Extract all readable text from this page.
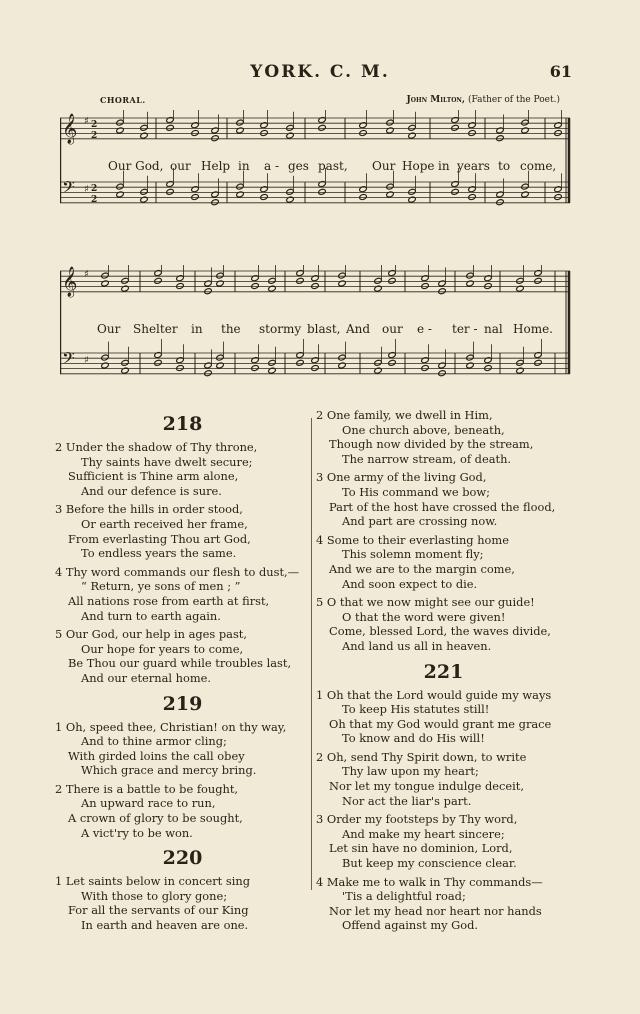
YORK. C. M.	61
CHORAL.	John Milton, (Father of the Poet.)
𝄞 ♯ 2
2
𝄢 ♯ 2
2
Our God, our Help in a - ges past, Our Hope in years to come,
𝄞 ♯
𝄢 ♯
Our Shelter in the stormy blast, And our e - ter - nal Home.
218
2 Under the shadow of Thy throne,
Thy saints have dwelt secure;
Sufficient is Thine arm alone,
And our defence is sure.
3 Before the hills in order stood,
Or earth received her frame,
From everlasting Thou art God,
To endless years the same.
4 Thy word commands our flesh to dust,—
“ Return, ye sons of men ; ”
All nations rose from earth at first,
And turn to earth again.
5 Our God, our help in ages past,
Our hope for years to come,
Be Thou our guard while troubles last,
And our eternal home.
219
1 Oh, speed thee, Christian! on thy way,
And to thine armor cling;
With girded loins the call obey
Which grace and mercy bring.
2 There is a battle to be fought,
An upward race to run,
A crown of glory to be sought,
A vict'ry to be won.
220
1 Let saints below in concert sing
With those to glory gone;
For all the servants of our King
In earth and heaven are one.
2 One family, we dwell in Him,
One church above, beneath,
Though now divided by the stream,
The narrow stream, of death.
3 One army of the living God,
To His command we bow;
Part of the host have crossed the flood,
And part are crossing now.
4 Some to their everlasting home
This solemn moment fly;
And we are to the margin come,
And soon expect to die.
5 O that we now might see our guide!
O that the word were given!
Come, blessed Lord, the waves divide,
And land us all in heaven.
221
1 Oh that the Lord would guide my ways
To keep His statutes still!
Oh that my God would grant me grace
To know and do His will!
2 Oh, send Thy Spirit down, to write
Thy law upon my heart;
Nor let my tongue indulge deceit,
Nor act the liar's part.
3 Order my footsteps by Thy word,
And make my heart sincere;
Let sin have no dominion, Lord,
But keep my conscience clear.
4 Make me to walk in Thy commands—
'Tis a delightful road;
Nor let my head nor heart nor hands
Offend against my God.
